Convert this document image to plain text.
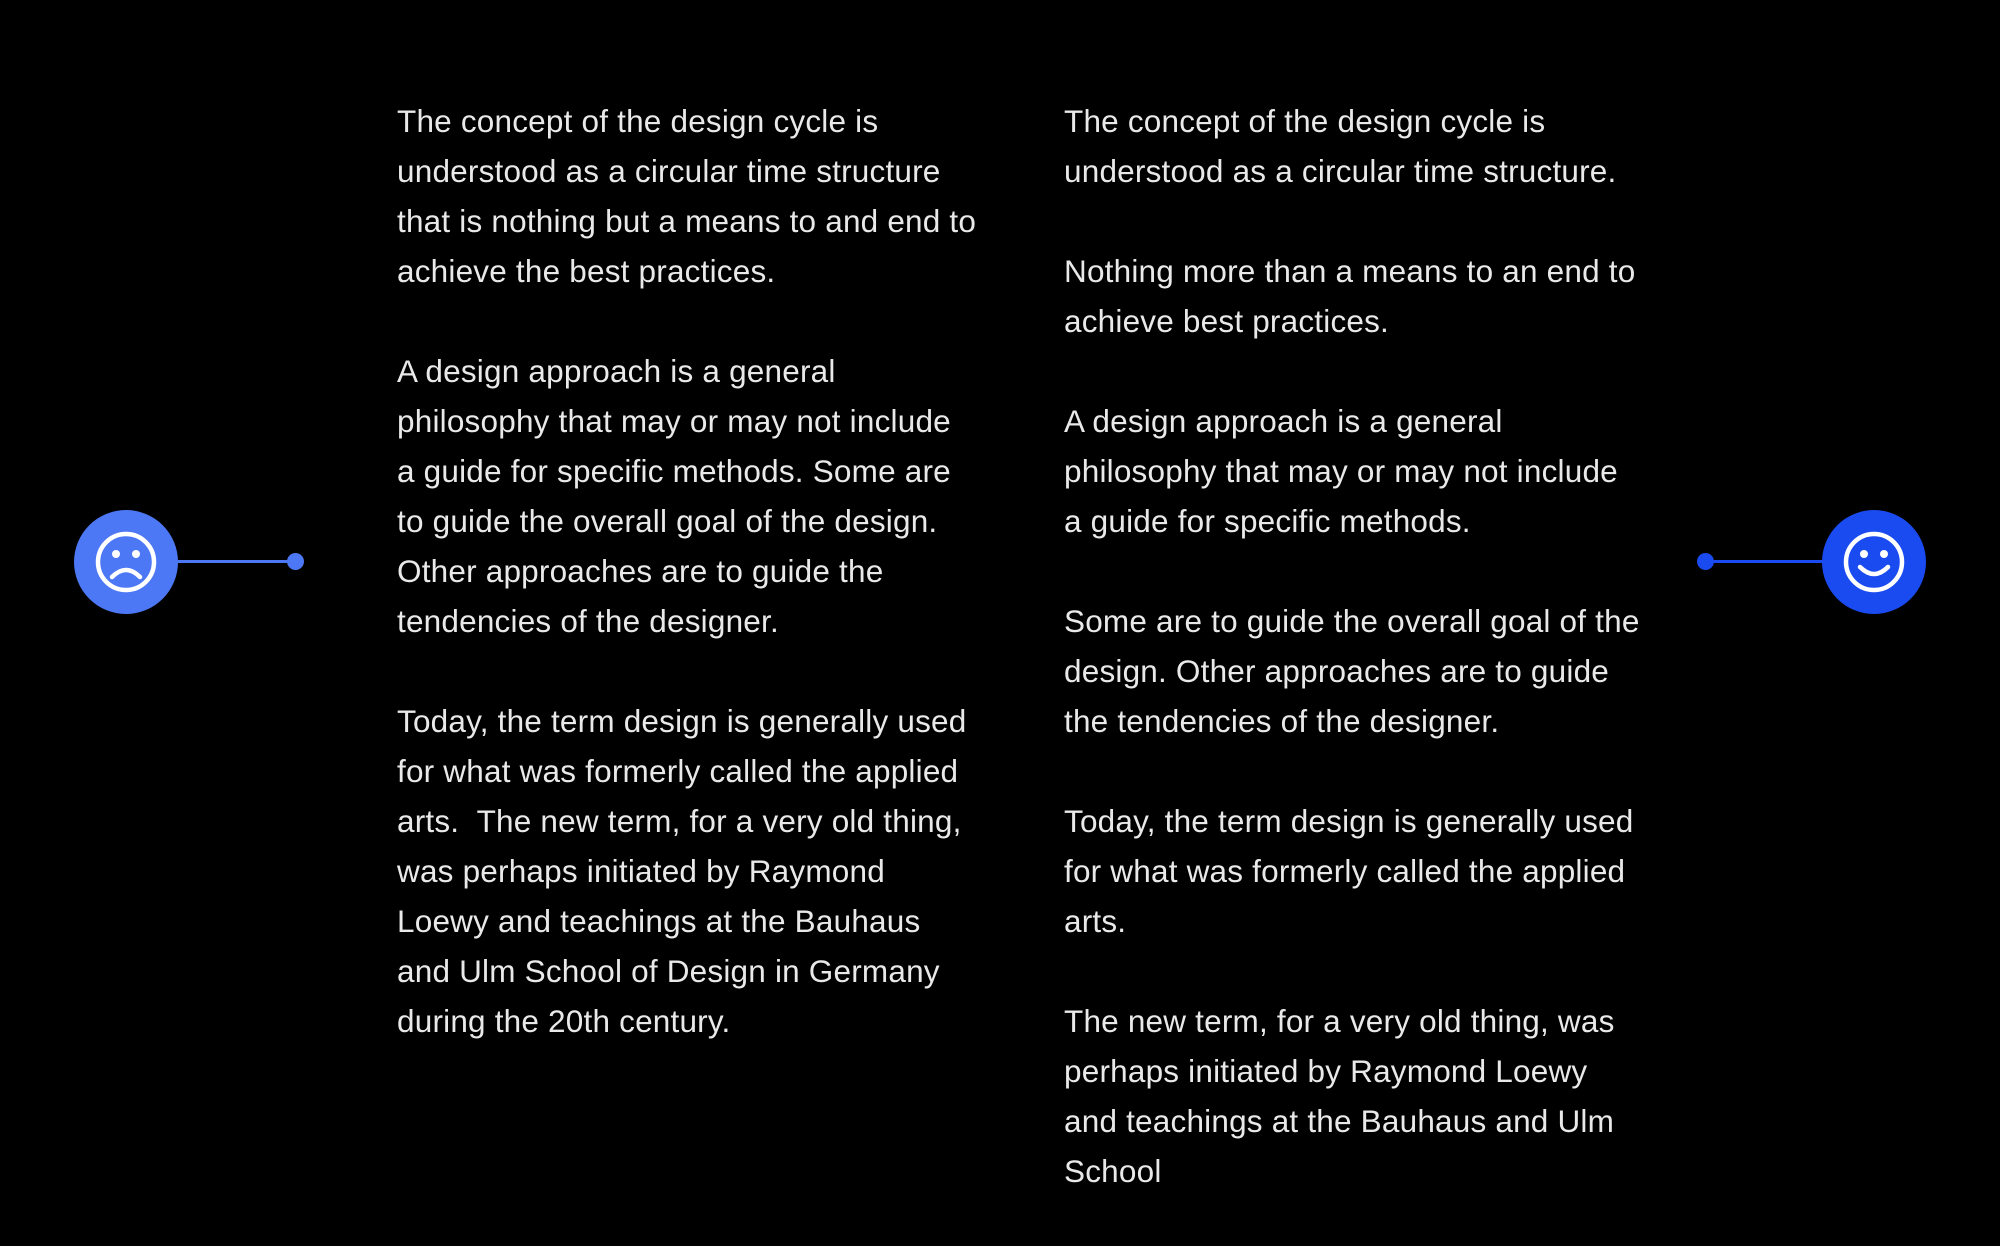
The concept of the design cycle is understood as a circular time structure that is nothing but a means to and end to achieve the best practices.

A design approach is a general philosophy that may or may not include a guide for specific methods. Some are to guide the overall goal of the design. Other approaches are to guide the tendencies of the designer.

Today, the term design is generally used for what was formerly called the applied arts.  The new term, for a very old thing, was perhaps initiated by Raymond Loewy and teachings at the Bauhaus and Ulm School of Design in Germany during the 20th century.

The concept of the design cycle is understood as a circular time structure.

Nothing more than a means to an end to achieve best practices.

A design approach is a general philosophy that may or may not include a guide for specific methods.

Some are to guide the overall goal of the design. Other approaches are to guide the tendencies of the designer.

Today, the term design is generally used for what was formerly called the applied arts.

The new term, for a very old thing, was perhaps initiated by Raymond Loewy and teachings at the Bauhaus and Ulm School
